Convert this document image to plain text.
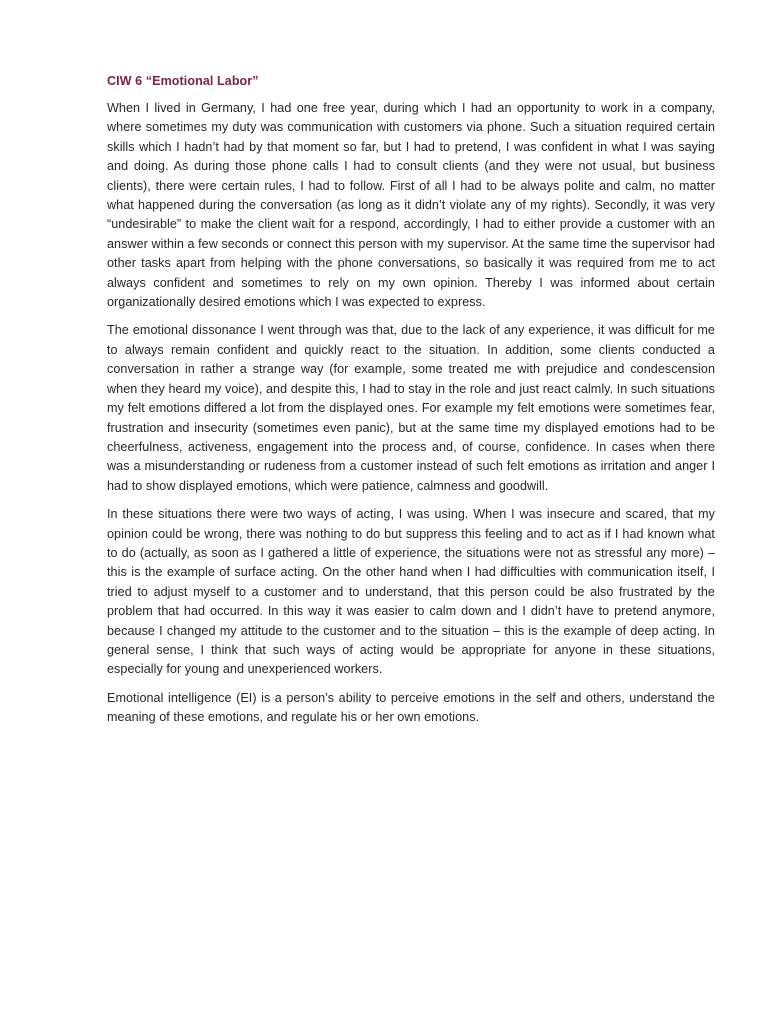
CIW 6 “Emotional Labor”

When I lived in Germany, I had one free year, during which I had an opportunity to work in a company, where sometimes my duty was communication with customers via phone. Such a situation required certain skills which I hadn’t had by that moment so far, but I had to pretend, I was confident in what I was saying and doing. As during those phone calls I had to consult clients (and they were not usual, but business clients), there were certain rules, I had to follow. First of all I had to be always polite and calm, no matter what happened during the conversation (as long as it didn’t violate any of my rights). Secondly, it was very “undesirable” to make the client wait for a respond, accordingly, I had to either provide a customer with an answer within a few seconds or connect this person with my supervisor. At the same time the supervisor had other tasks apart from helping with the phone conversations, so basically it was required from me to act always confident and sometimes to rely on my own opinion. Thereby I was informed about certain organizationally desired emotions which I was expected to express.

The emotional dissonance I went through was that, due to the lack of any experience, it was difficult for me to always remain confident and quickly react to the situation. In addition, some clients conducted a conversation in rather a strange way (for example, some treated me with prejudice and condescension when they heard my voice), and despite this, I had to stay in the role and just react calmly. In such situations my felt emotions differed a lot from the displayed ones. For example my felt emotions were sometimes fear, frustration and insecurity (sometimes even panic), but at the same time my displayed emotions had to be cheerfulness, activeness, engagement into the process and, of course, confidence. In cases when there was a misunderstanding or rudeness from a customer instead of such felt emotions as irritation and anger I had to show displayed emotions, which were patience, calmness and goodwill.

In these situations there were two ways of acting, I was using. When I was insecure and scared, that my opinion could be wrong, there was nothing to do but suppress this feeling and to act as if I had known what to do (actually, as soon as I gathered a little of experience, the situations were not as stressful any more) – this is the example of surface acting. On the other hand when I had difficulties with communication itself, I tried to adjust myself to a customer and to understand, that this person could be also frustrated by the problem that had occurred. In this way it was easier to calm down and I didn’t have to pretend anymore, because I changed my attitude to the customer and to the situation – this is the example of deep acting. In general sense, I think that such ways of acting would be appropriate for anyone in these situations, especially for young and unexperienced workers.

Emotional intelligence (EI) is a person’s ability to perceive emotions in the self and others, understand the meaning of these emotions, and regulate his or her own emotions.
